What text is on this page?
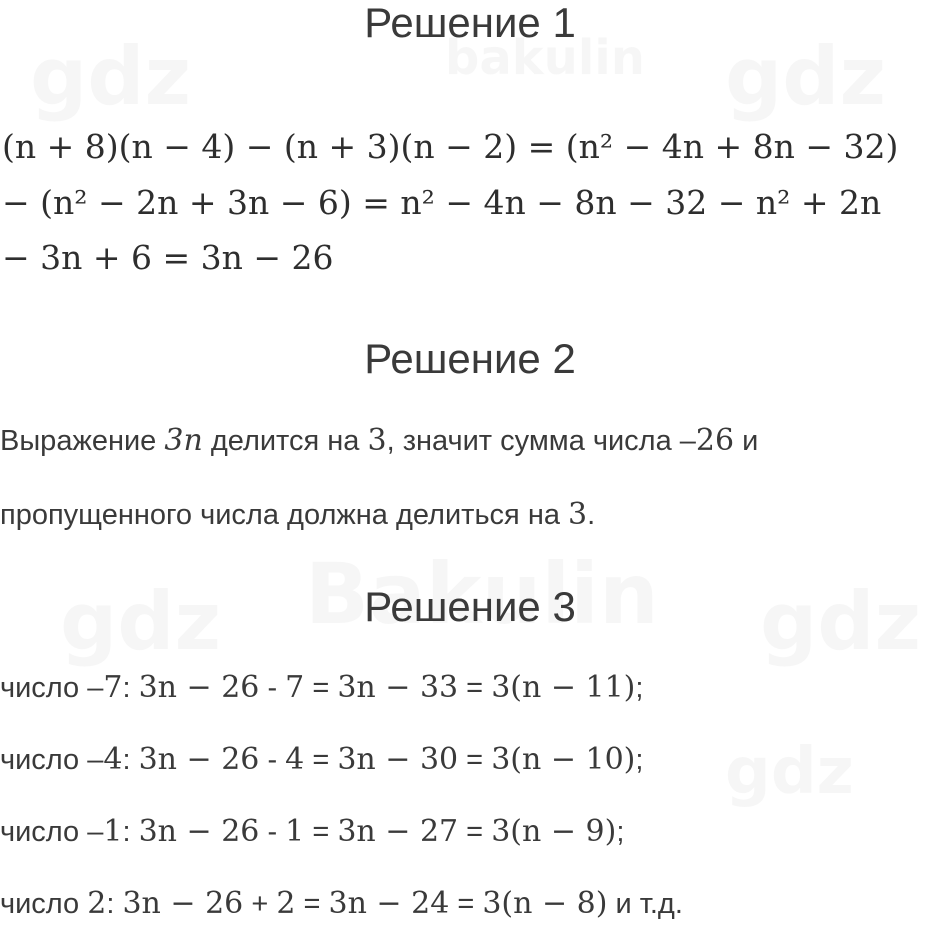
Решение 1
(n + 8)(n − 4) − (n + 3)(n − 2) = (n² − 4n + 8n − 32)
− (n² − 2n + 3n − 6) = n² − 4n − 8n − 32 − n² + 2n
− 3n + 6 = 3n − 26
Решение 2
Выражение 3n делится на 3, значит сумма числа –26 и
пропущенного числа должна делиться на 3.
Решение 3
число –7: 3n − 26 - 7 = 3n − 33 = 3(n − 11);
число –4: 3n − 26 - 4 = 3n − 30 = 3(n − 10);
число –1: 3n − 26 - 1 = 3n − 27 = 3(n − 9);
число 2: 3n − 26 + 2 = 3n − 24 = 3(n − 8) и т.д.
